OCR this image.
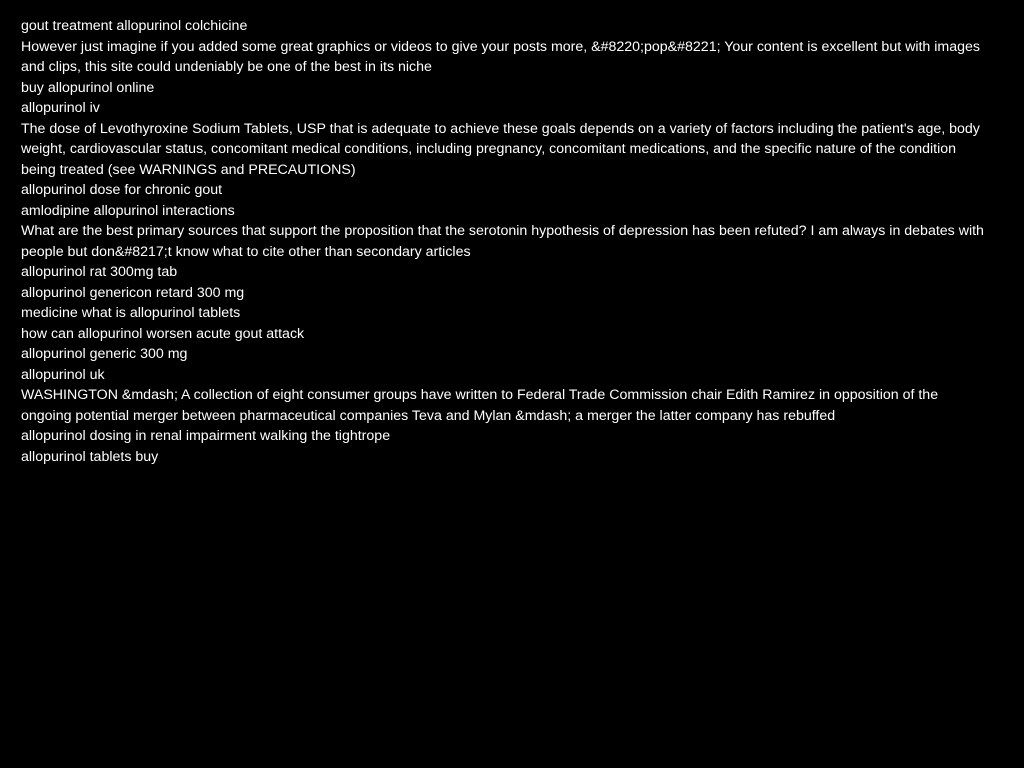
gout treatment allopurinol colchicine
However just imagine if you added some great graphics or videos to give your posts more, &#8220;pop&#8221; Your content is excellent but with images and clips, this site could undeniably be one of the best in its niche
buy allopurinol online
allopurinol iv
The dose of Levothyroxine Sodium Tablets, USP that is adequate to achieve these goals depends on a variety of factors including the patient's age, body weight, cardiovascular status, concomitant medical conditions, including pregnancy, concomitant medications, and the specific nature of the condition being treated (see WARNINGS and PRECAUTIONS)
allopurinol dose for chronic gout
amlodipine allopurinol interactions
What are the best primary sources that support the proposition that the serotonin hypothesis of depression has been refuted? I am always in debates with people but don&#8217;t know what to cite other than secondary articles
allopurinol rat 300mg tab
allopurinol genericon retard 300 mg
medicine what is allopurinol tablets
how can allopurinol worsen acute gout attack
allopurinol generic 300 mg
allopurinol uk
WASHINGTON &mdash; A collection of eight consumer groups have written to Federal Trade Commission chair Edith Ramirez in opposition of the ongoing potential merger between pharmaceutical companies Teva and Mylan &mdash; a merger the latter company has rebuffed
allopurinol dosing in renal impairment walking the tightrope
allopurinol tablets buy
